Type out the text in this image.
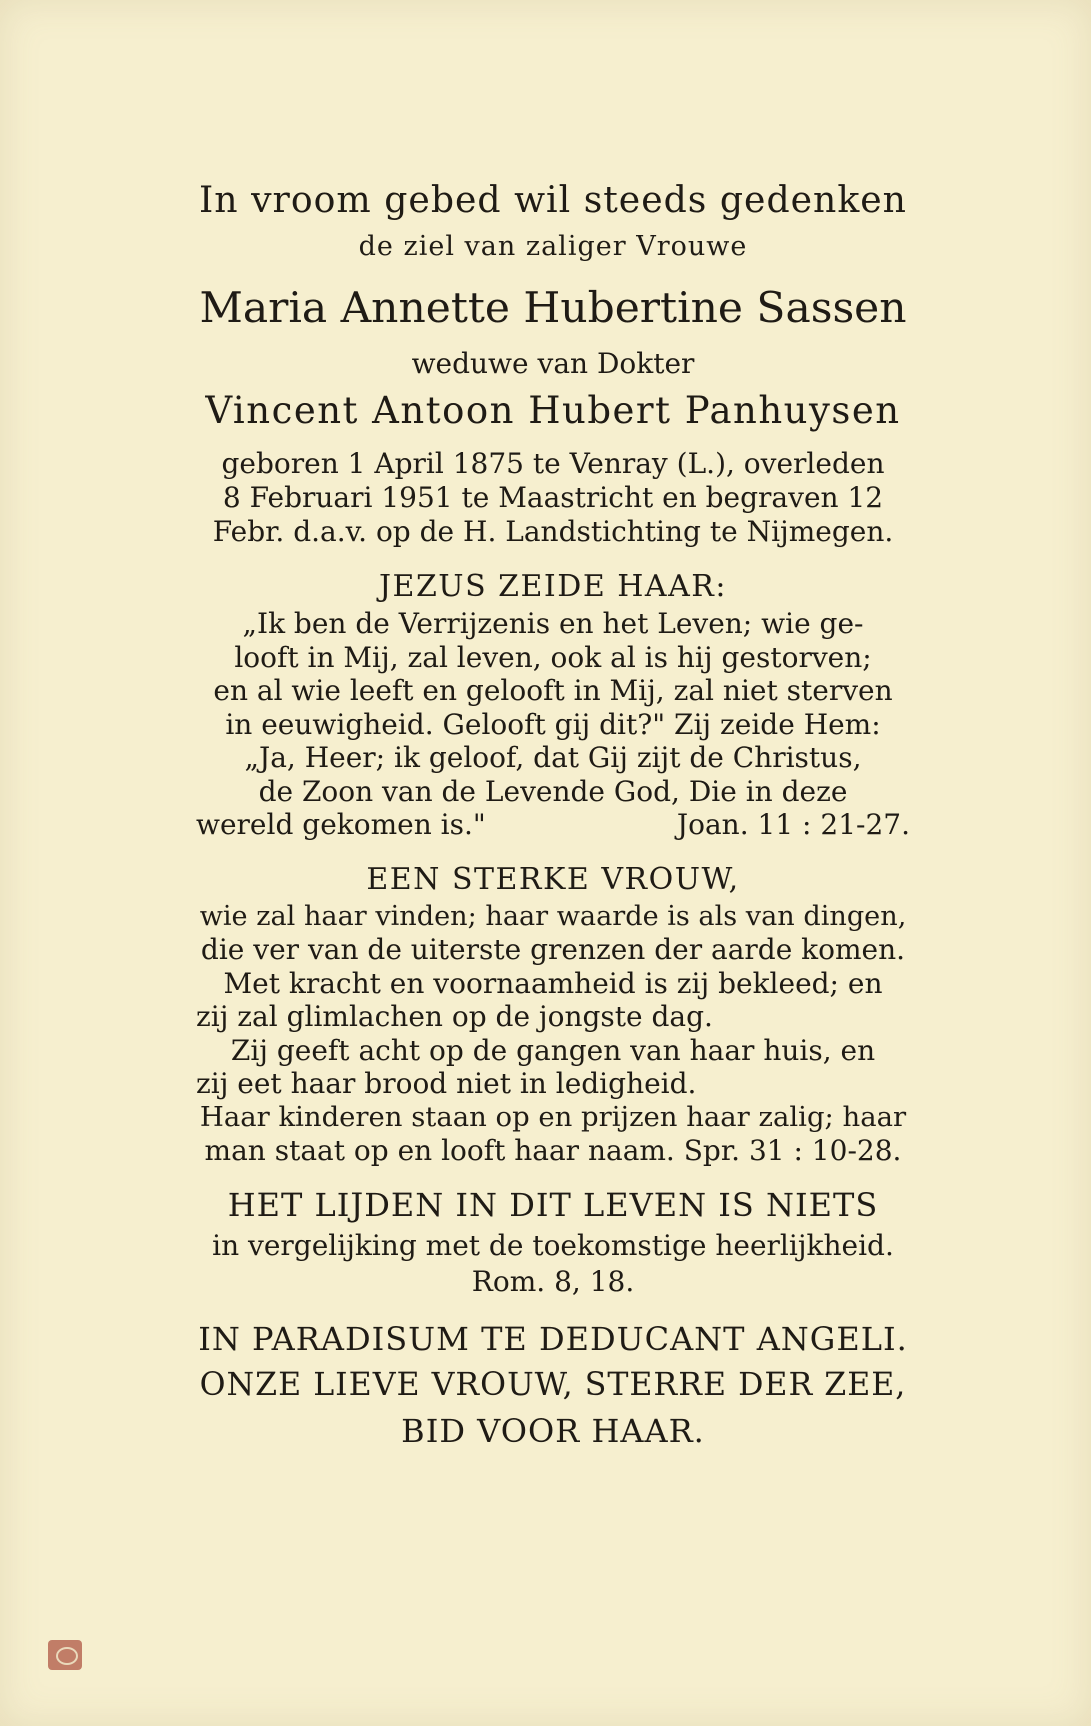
In vroom gebed wil steeds gedenken
de ziel van zaliger Vrouwe
Maria Annette Hubertine Sassen
weduwe van Dokter
Vincent Antoon Hubert Panhuysen
geboren 1 April 1875 te Venray (L.), overleden
8 Februari 1951 te Maastricht en begraven 12
Febr. d.a.v. op de H. Landstichting te Nijmegen.
JEZUS ZEIDE HAAR:
„Ik ben de Verrijzenis en het Leven; wie ge-
looft in Mij, zal leven, ook al is hij gestorven;
en al wie leeft en gelooft in Mij, zal niet sterven
in eeuwigheid. Gelooft gij dit?" Zij zeide Hem:
„Ja, Heer; ik geloof, dat Gij zijt de Christus,
de Zoon van de Levende God, Die in deze
wereld gekomen is."	Joan. 11 : 21-27.
EEN STERKE VROUW,
wie zal haar vinden; haar waarde is als van dingen,
die ver van de uiterste grenzen der aarde komen.
Met kracht en voornaamheid is zij bekleed; en
zij zal glimlachen op de jongste dag.
Zij geeft acht op de gangen van haar huis, en
zij eet haar brood niet in ledigheid.
Haar kinderen staan op en prijzen haar zalig; haar
man staat op en looft haar naam. Spr. 31 : 10-28.
HET LIJDEN IN DIT LEVEN IS NIETS
in vergelijking met de toekomstige heerlijkheid.
Rom. 8, 18.
IN PARADISUM TE DEDUCANT ANGELI.
ONZE LIEVE VROUW, STERRE DER ZEE,
BID VOOR HAAR.
